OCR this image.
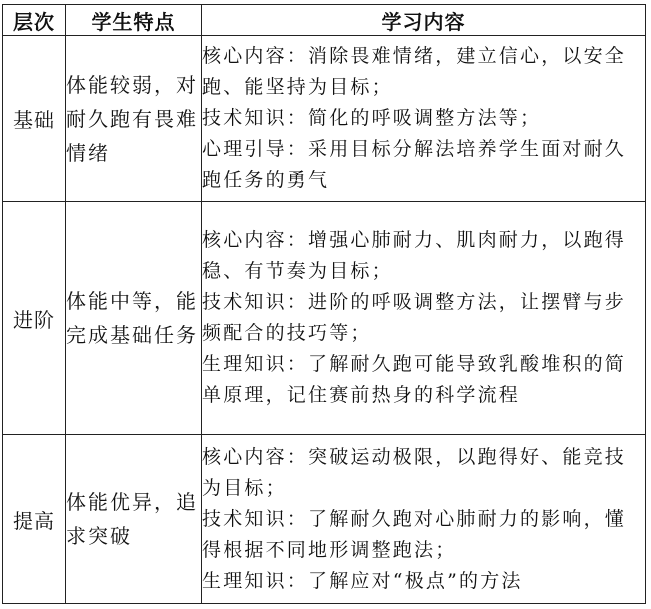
层次	学生特点	学习内容
基础	体能较弱，对耐久跑有畏难情绪	核心内容：消除畏难情绪，建立信心，以安全跑、能坚持为目标；
技术知识：简化的呼吸调整方法等；
心理引导：采用目标分解法培养学生面对耐久跑任务的勇气

进阶	体能中等，能完成基础任务	核心内容：增强心肺耐力、肌肉耐力，以跑得稳、有节奏为目标；
技术知识：进阶的呼吸调整方法，让摆臂与步频配合的技巧等；
生理知识：了解耐久跑可能导致乳酸堆积的简单原理，记住赛前热身的科学流程

提高	体能优异，追求突破	核心内容：突破运动极限，以跑得好、能竞技为目标；
技术知识：了解耐久跑对心肺耐力的影响，懂得根据不同地形调整跑法；
生理知识：了解应对“极点”的方法
